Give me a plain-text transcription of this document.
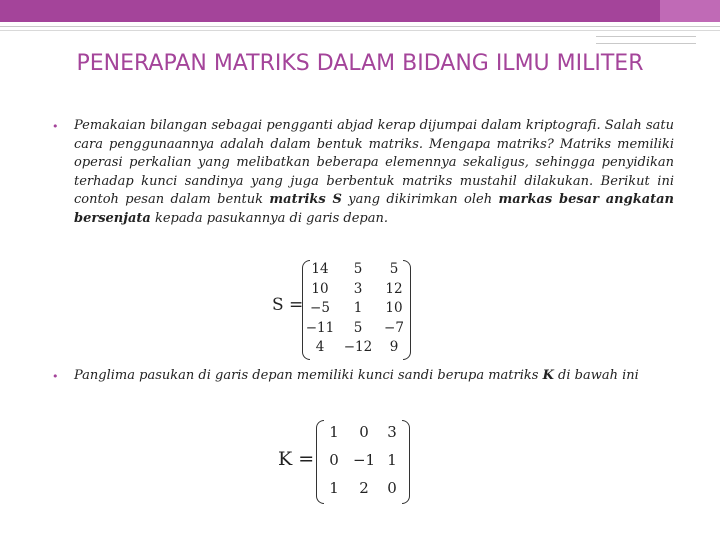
PENERAPAN MATRIKS DALAM BIDANG ILMU MILITER
• Pemakaian bilangan sebagai pengganti abjad kerap dijumpai dalam kriptografi. Salah satu cara penggunaannya adalah dalam bentuk matriks. Mengapa matriks? Matriks memiliki operasi perkalian yang melibatkan beberapa elemennya sekaligus, sehingga penyidikan terhadap kunci sandinya yang juga berbentuk matriks mustahil dilakukan. Berikut ini contoh pesan dalam bentuk matriks S yang dikirimkan oleh markas besar angkatan bersenjata kepada pasukannya di garis depan.
S =
14	5	5
10	3	12
−5	1	10
−11	5	−7
4	−12	9
• Panglima pasukan di garis depan memiliki kunci sandi berupa matriks K di bawah ini
K =
1	0	3
0 −1 1
1	2	0
